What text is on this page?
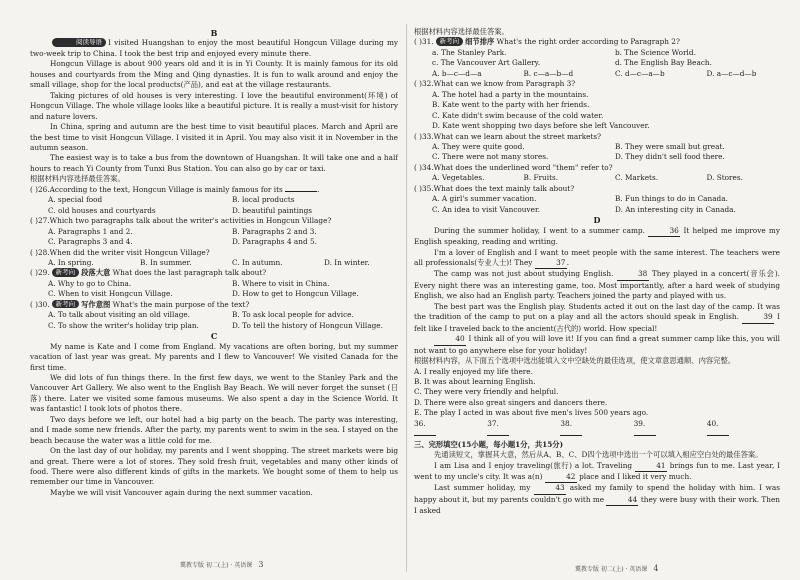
B

阅读导语 I visited Huangshan to enjoy the most beautiful Hongcun Village during my two-week trip to China. I took the best trip and enjoyed every minute there.

Hongcun Village is about 900 years old and it is in Yi County. It is mainly famous for its old houses and courtyards from the Ming and Qing dynasties. It is fun to walk around and enjoy the small village, shop for the local products(产品), and eat at the village restaurants.

Taking pictures of old houses is very interesting. I love the beautiful environment(环境) of Hongcun Village. The whole village looks like a beautiful picture. It is really a must-visit for history and nature lovers.

In China, spring and autumn are the best time to visit beautiful places. March and April are the best time to visit Hongcun Village. I visited it in April. You may also visit it in November in the autumn season.

The easiest way is to take a bus from the downtown of Huangshan. It will take one and a half hours to reach Yi County from Tunxi Bus Station. You can also go by car or taxi.

根据材料内容选择最佳答案。

( )26.According to the text, Hongcun Village is mainly famous for its	.
A. special food	B. local products
C. old houses and courtyards	D. beautiful paintings
( )27.Which two paragraphs talk about the writer's activities in Hongcun Village?
A. Paragraphs 1 and 2.	B. Paragraphs 2 and 3.
C. Paragraphs 3 and 4.	D. Paragraphs 4 and 5.
( )28.When did the writer visit Hongcun Village?
A. In spring.	B. In summer.	C. In autumn.	D. In winter.
( )29. 新考向 段落大意 What does the last paragraph talk about?
A. Why to go to China.	B. Where to visit in China.
C. When to visit Hongcun Village.	D. How to get to Hongcun Village.
( )30. 新考向 写作意图 What's the main purpose of the text?
A. To talk about visiting an old village.	B. To ask local people for advice.
C. To show the writer's holiday trip plan.	D. To tell the history of Hongcun Village.
C

My name is Kate and I come from England. My vacations are often boring, but my summer vacation of last year was great. My parents and I flew to Vancouver! We visited Canada for the first time.

We did lots of fun things there. In the first few days, we went to the Stanley Park and the Vancouver Art Gallery. We also went to the English Bay Beach. We will never forget the sunset (日落) there. Later we visited some famous museums. We also spent a day in the Science World. It was fantastic! I took lots of photos there.

Two days before we left, our hotel had a big party on the beach. The party was interesting, and I made some new friends. After the party, my parents went to swim in the sea. I stayed on the beach because the water was a little cold for me.

On the last day of our holiday, my parents and I went shopping. The street markets were big and great. There were a lot of stores. They sold fresh fruit, vegetables and many other kinds of food. There were also different kinds of gifts in the markets. We bought some of them to help us remember our time in Vancouver.

Maybe we will visit Vancouver again during the next summer vacation.

冀教专版 初二(上) · 英语课 3

根据材料内容选择最佳答案。

( )31. 新考向 细节排序 What's the right order according to Paragraph 2?
a. The Stanley Park.	b. The Science World.
c. The Vancouver Art Gallery.	d. The English Bay Beach.
A. b—c—d—a	B. c—a—b—d	C. d—c—a—b	D. a—c—d—b
( )32.What can we know from Paragraph 3?
A. The hotel had a party in the mountains.
B. Kate went to the party with her friends.
C. Kate didn't swim because of the cold water.
D. Kate went shopping two days before she left Vancouver.
( )33.What can we learn about the street markets?
A. They were quite good.	B. They were small but great.
C. There were not many stores.	D. They didn't sell food there.
( )34.What does the underlined word "them" refer to?
A. Vegetables.	B. Fruits.	C. Markets.	D. Stores.
( )35.What does the text mainly talk about?
A. A girl's summer vacation.	B. Fun things to do in Canada.
C. An idea to visit Vancouver.	D. An interesting city in Canada.
D

During the summer holiday, I went to a summer camp.	36 It helped me improve my English speaking, reading and writing.

I'm a lover of English and I want to meet people with the same interest. The teachers were all professionals(专业人士)! They	37.

The camp was not just about studying English.	38 They played in a concert(音乐会). Every night there was an interesting game, too. Most importantly, after a hard week of studying English, we also had an English party. Teachers joined the party and played with us.

The best part was the English play. Students acted it out on the last day of the camp. It was the tradition of the camp to put on a play and all the actors should speak in English.	39 I felt like I traveled back to the ancient(古代的) world. How special!

40 I think all of you will love it! If you can find a great summer camp like this, you will not want to go anywhere else for your holiday!

根据材料内容，从下面五个选项中选出能填入文中空缺处的最佳选项，使文章意思通顺、内容完整。

A. I really enjoyed my life there.
B. It was about learning English.
C. They were very friendly and helpful.
D. There were also great singers and dancers there.
E. The play I acted in was about five men's lives 500 years ago.
36.	37.	38.	39.	40.

三、完形填空(15小题，每小题1分，共15分)

先通读短文，掌握其大意，然后从A、B、C、D四个选项中选出一个可以填入相应空白处的最佳答案。

I am Lisa and I enjoy traveling(旅行) a lot. Traveling	41 brings fun to me. Last year, I went to my uncle's city. It was a(n)	42 place and I liked it very much.

Last summer holiday, my	43 asked my family to spend the holiday with him. I was happy about it, but my parents couldn't go with me	44 they were busy with their work. Then I asked

冀教专版 初二(上) · 英语课 4
